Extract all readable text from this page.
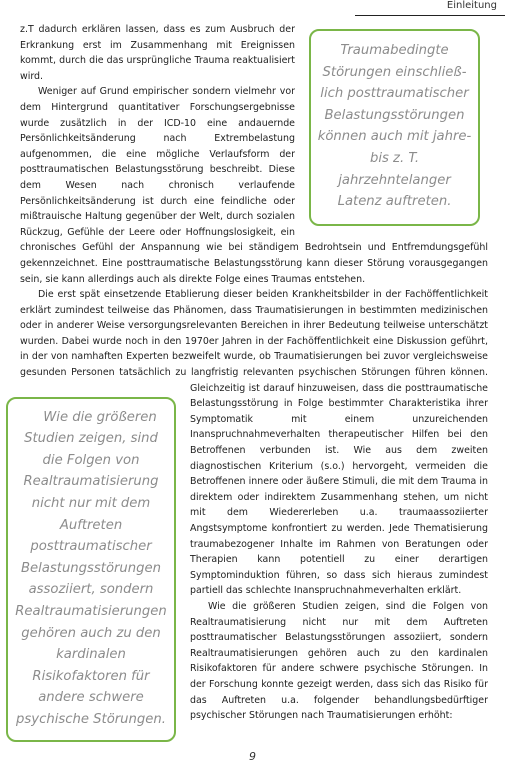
Einleitung
Traumabedingte Störungen einschließlich posttraumatischer Belastungsstörungen können auch mit jahrebis z. T. jahrzehntelanger Latenz auftreten.

z.T dadurch erklären lassen, dass es zum Ausbruch der Erkrankung erst im Zusammenhang mit Ereignissen kommt, durch die das ursprüngliche Trauma reaktualisiert wird.

Weniger auf Grund empirischer sondern vielmehr vor dem Hintergrund quantitativer Forschungsergebnisse wurde zusätzlich in der ICD-10 eine andauernde Persönlichkeitsänderung nach Extrembelastung aufgenommen, die eine mögliche Verlaufsform der posttraumatischen Belastungsstörung beschreibt. Diese dem Wesen nach chronisch verlaufende Persönlichkeitsänderung ist durch eine feindliche oder mißtrauische Haltung gegenüber der Welt, durch sozialen Rückzug, Gefühle der Leere oder Hoffnungslosigkeit, ein chronisches Gefühl der Anspannung wie bei ständigem Bedrohtsein und Entfremdungsgefühl gekennzeichnet. Eine posttraumatische Belastungsstörung kann dieser Störung vorausgegangen sein, sie kann allerdings auch als direkte Folge eines Traumas entstehen.

Die erst spät einsetzende Etablierung dieser beiden Krankheitsbilder in der Fachöffentlichkeit erklärt zumindest teilweise das Phänomen, dass Traumatisierungen in bestimmten medizinischen oder in anderer Weise versorgungsrelevanten Bereichen in ihrer Bedeutung teilweise unterschätzt wurden. Dabei wurde noch in den 1970er Jahren in der Fachöffentlichkeit eine Diskussion geführt, in der von namhaften Experten bezweifelt wurde, ob Traumatisierungen bei zuvor vergleichsweise gesunden Personen tatsächlich zu langfristig relevanten psychischen Störungen führen können. Gleichzeitig ist darauf hinzuweisen, dass die post
Wie die größeren Studien zeigen, sind die Folgen von Realtraumatisierung nicht nur mit dem Auftreten posttraumatischer Belastungsstörungen assoziiert, sondern Realtraumatisierungen gehören auch zu den kardinalen Risikofaktoren für andere schwere psychische Störungen.
traumatische Belastungsstörung in Folge bestimmter Charakteristika ihrer Symptomatik mit einem unzureichenden Inanspruchnahmeverhalten therapeutischer Hilfen bei den Betroffenen verbunden ist. Wie aus dem zweiten diagnostischen Kriterium (s.o.) hervorgeht, vermeiden die Betroffenen innere oder äußere Stimuli, die mit dem Trauma in direktem oder indirektem Zusammenhang stehen, um nicht mit dem Wiedererleben u.a. traumaassoziierter Angstsymptome konfrontiert zu werden. Jede Thematisierung traumabezogener Inhalte im Rahmen von Beratungen oder Therapien kann potentiell zu einer derartigen Symptominduktion führen, so dass sich hieraus zumindest partiell das schlechte Inanspruchnahmeverhalten erklärt.

Wie die größeren Studien zeigen, sind die Folgen von Realtraumatisierung nicht nur mit dem Auftreten posttraumatischer Belastungsstörungen assoziiert, sondern Realtraumatisierungen gehören auch zu den kardinalen Risikofaktoren für andere schwere psychische Störungen. In der Forschung konnte gezeigt werden, dass sich das Risiko für das Auftreten u.a. folgender behandlungsbedürftiger psychischer Störungen nach Traumatisierungen erhöht:

9
